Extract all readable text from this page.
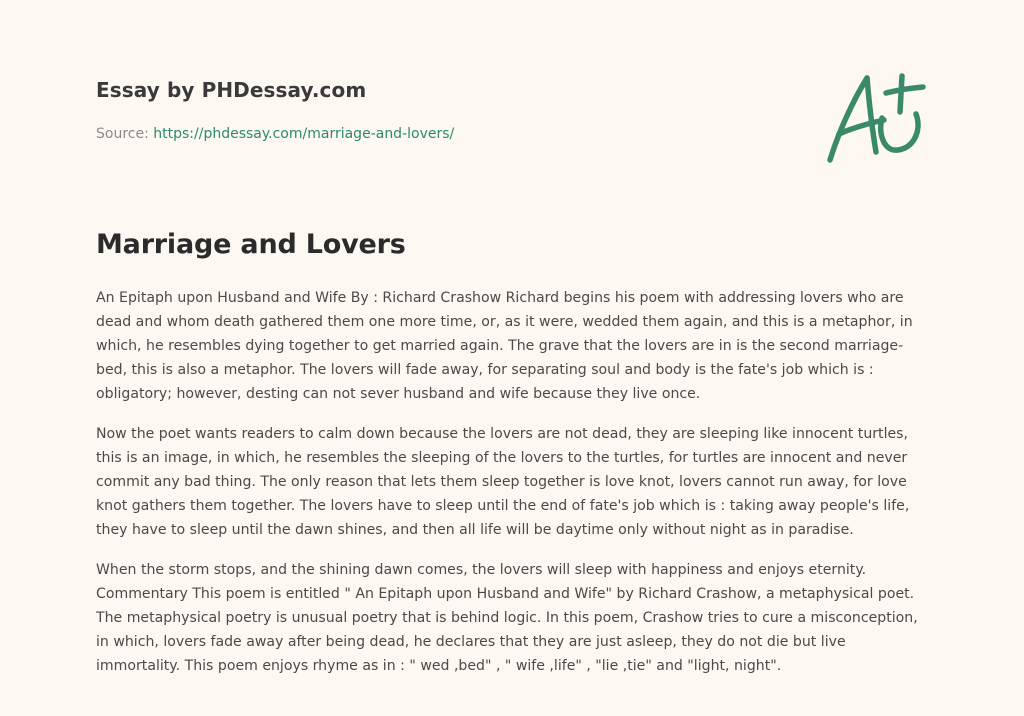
Essay by PHDessay.com
Source: https://phdessay.com/marriage-and-lovers/
Marriage and Lovers

An Epitaph upon Husband and Wife By : Richard Crashow Richard begins his poem with addressing lovers who are dead and whom death gathered them one more time, or, as it were, wedded them again, and this is a metaphor, in which, he resembles dying together to get married again. The grave that the lovers are in is the second marriage-bed, this is also a metaphor. The lovers will fade away, for separating soul and body is the fate's job which is : obligatory; however, desting can not sever husband and wife because they live once.

Now the poet wants readers to calm down because the lovers are not dead, they are sleeping like innocent turtles, this is an image, in which, he resembles the sleeping of the lovers to the turtles, for turtles are innocent and never commit any bad thing. The only reason that lets them sleep together is love knot, lovers cannot run away, for love knot gathers them together. The lovers have to sleep until the end of fate's job which is : taking away people's life, they have to sleep until the dawn shines, and then all life will be daytime only without night as in paradise.

When the storm stops, and the shining dawn comes, the lovers will sleep with happiness and enjoys eternity. Commentary This poem is entitled " An Epitaph upon Husband and Wife" by Richard Crashow, a metaphysical poet. The metaphysical poetry is unusual poetry that is behind logic. In this poem, Crashow tries to cure a misconception, in which, lovers fade away after being dead, he declares that they are just asleep, they do not die but live immortality. This poem enjoys rhyme as in : " wed ,bed" , " wife ,life" , "lie ,tie" and "light, night".
